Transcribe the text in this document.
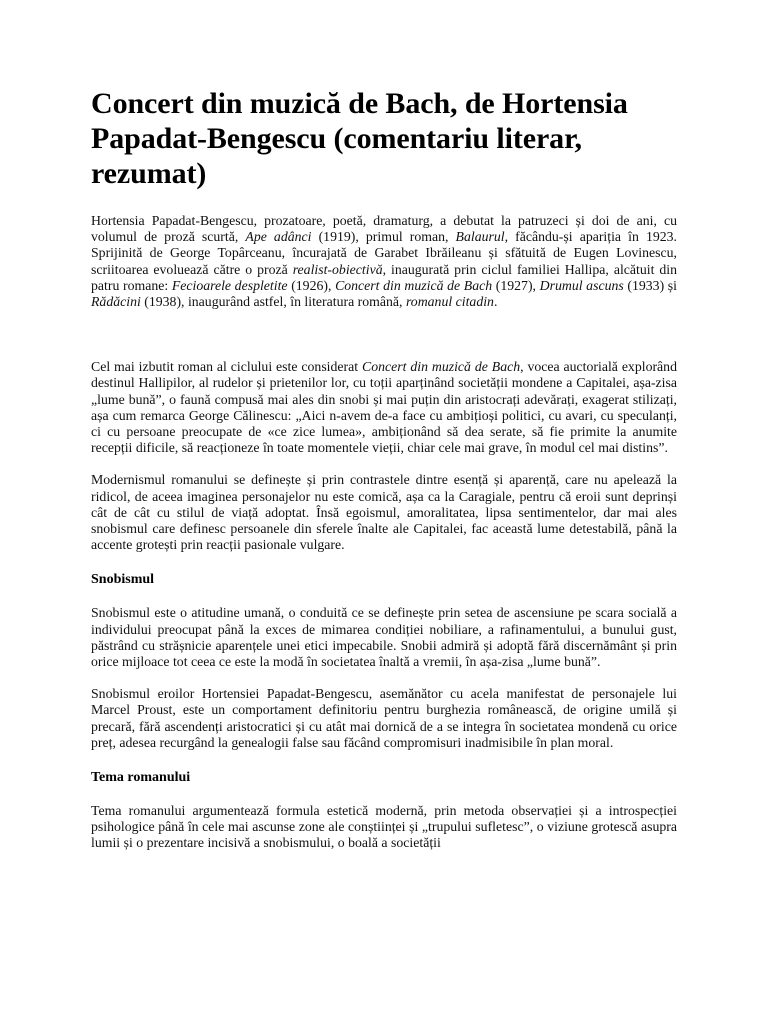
Concert din muzică de Bach, de Hortensia Papadat-Bengescu (comentariu literar, rezumat)

Hortensia Papadat-Bengescu, prozatoare, poetă, dramaturg, a debutat la patruzeci și doi de ani, cu volumul de proză scurtă, Ape adânci (1919), primul roman, Balaurul, făcându-și apariția în 1923. Sprijinită de George Topârceanu, încurajată de Garabet Ibrăileanu și sfătuită de Eugen Lovinescu, scriitoarea evoluează către o proză realist-obiectivă, inaugurată prin ciclul familiei Hallipa, alcătuit din patru romane: Fecioarele despletite (1926), Concert din muzică de Bach (1927), Drumul ascuns (1933) și Rădăcini (1938), inaugurând astfel, în literatura română, romanul citadin.

Cel mai izbutit roman al ciclului este considerat Concert din muzică de Bach, vocea auctorială explorând destinul Hallipilor, al rudelor și prietenilor lor, cu toții aparținând societății mondene a Capitalei, așa-zisa „lume bună”, o faună compusă mai ales din snobi și mai puțin din aristocrați adevărați, exagerat stilizați, așa cum remarca George Călinescu: „Aici n-avem de-a face cu ambițioși politici, cu avari, cu speculanți, ci cu persoane preocupate de «ce zice lumea», ambiționând să dea serate, să fie primite la anumite recepții dificile, să reacționeze în toate momentele vieții, chiar cele mai grave, în modul cel mai distins”.

Modernismul romanului se definește și prin contrastele dintre esență și aparență, care nu apelează la ridicol, de aceea imaginea personajelor nu este comică, așa ca la Caragiale, pentru că eroii sunt deprinși cât de cât cu stilul de viață adoptat. Însă egoismul, amoralitatea, lipsa sentimentelor, dar mai ales snobismul care definesc persoanele din sferele înalte ale Capitalei, fac această lume detestabilă, până la accente grotești prin reacții pasionale vulgare.

Snobismul

Snobismul este o atitudine umană, o conduită ce se definește prin setea de ascensiune pe scara socială a individului preocupat până la exces de mimarea condiției nobiliare, a rafinamentului, a bunului gust, păstrând cu strășnicie aparențele unei etici impecabile. Snobii admiră și adoptă fără discernământ și prin orice mijloace tot ceea ce este la modă în societatea înaltă a vremii, în așa-zisa „lume bună”.

Snobismul eroilor Hortensiei Papadat-Bengescu, asemănător cu acela manifestat de personajele lui Marcel Proust, este un comportament definitoriu pentru burghezia românească, de origine umilă și precară, fără ascendenți aristocratici și cu atât mai dornică de a se integra în societatea mondenă cu orice preț, adesea recurgând la genealogii false sau făcând compromisuri inadmisibile în plan moral.

Tema romanului

Tema romanului argumentează formula estetică modernă, prin metoda observației și a introspecției psihologice până în cele mai ascunse zone ale conștiinței și „trupului sufletesc”, o viziune grotescă asupra lumii și o prezentare incisivă a snobismului, o boală a societății
